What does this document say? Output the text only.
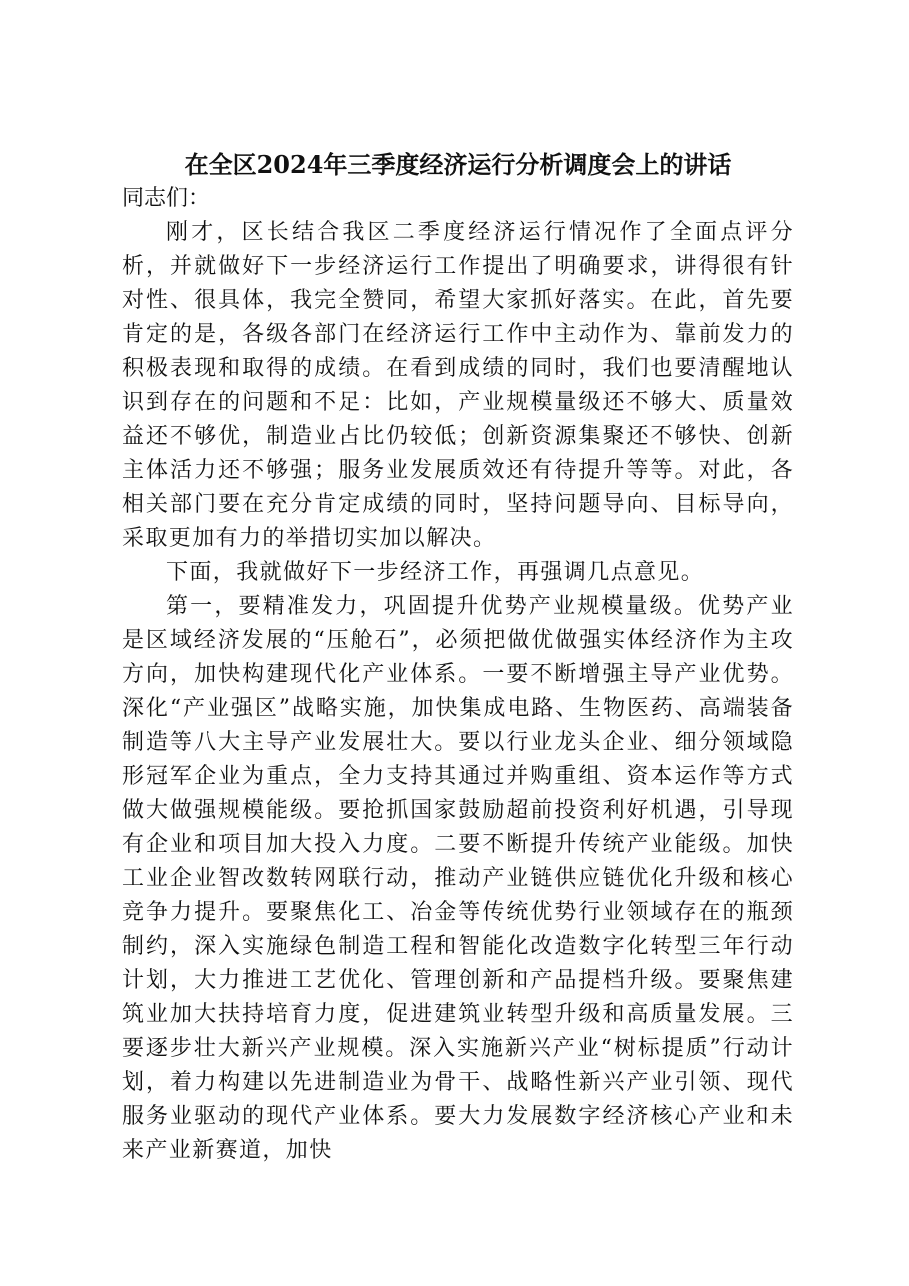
在全区2024年三季度经济运行分析调度会上的讲话

同志们：

刚才，区长结合我区二季度经济运行情况作了全面点评分析，并就做好下一步经济运行工作提出了明确要求，讲得很有针对性、很具体，我完全赞同，希望大家抓好落实。在此，首先要肯定的是，各级各部门在经济运行工作中主动作为、靠前发力的积极表现和取得的成绩。在看到成绩的同时，我们也要清醒地认识到存在的问题和不足：比如，产业规模量级还不够大、质量效益还不够优，制造业占比仍较低；创新资源集聚还不够快、创新主体活力还不够强；服务业发展质效还有待提升等等。对此，各相关部门要在充分肯定成绩的同时，坚持问题导向、目标导向，采取更加有力的举措切实加以解决。

下面，我就做好下一步经济工作，再强调几点意见。

第一，要精准发力，巩固提升优势产业规模量级。优势产业是区域经济发展的“压舱石”，必须把做优做强实体经济作为主攻方向，加快构建现代化产业体系。一要不断增强主导产业优势。深化“产业强区”战略实施，加快集成电路、生物医药、高端装备制造等八大主导产业发展壮大。要以行业龙头企业、细分领域隐形冠军企业为重点，全力支持其通过并购重组、资本运作等方式做大做强规模能级。要抢抓国家鼓励超前投资利好机遇，引导现有企业和项目加大投入力度。二要不断提升传统产业能级。加快工业企业智改数转网联行动，推动产业链供应链优化升级和核心竞争力提升。要聚焦化工、冶金等传统优势行业领域存在的瓶颈制约，深入实施绿色制造工程和智能化改造数字化转型三年行动计划，大力推进工艺优化、管理创新和产品提档升级。要聚焦建筑业加大扶持培育力度，促进建筑业转型升级和高质量发展。三要逐步壮大新兴产业规模。深入实施新兴产业“树标提质”行动计划，着力构建以先进制造业为骨干、战略性新兴产业引领、现代服务业驱动的现代产业体系。要大力发展数字经济核心产业和未来产业新赛道，加快
